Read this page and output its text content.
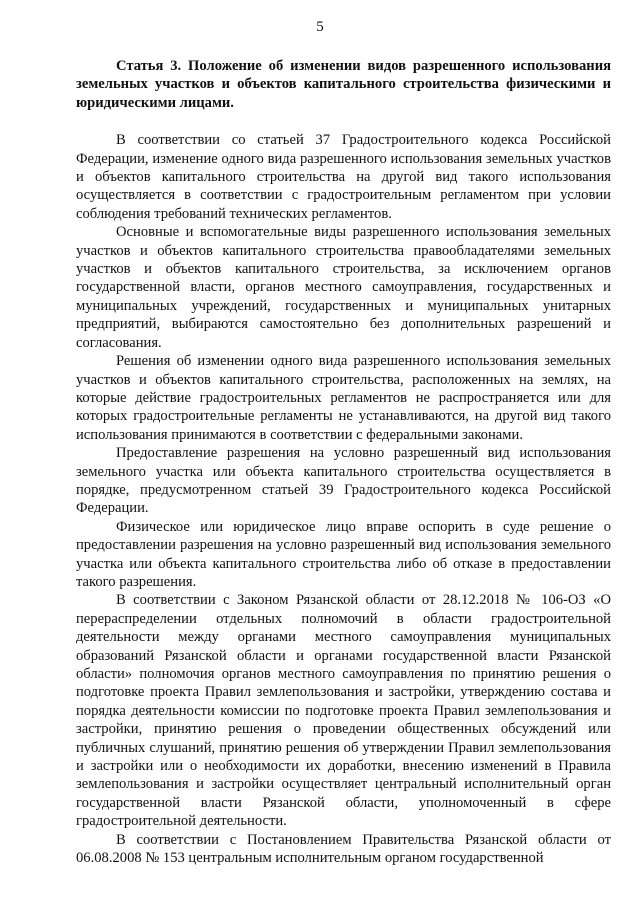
5

Статья 3. Положение об изменении видов разрешенного использования земельных участков и объектов капитального строительства физическими и юридическими лицами.

В соответствии со статьей 37 Градостроительного кодекса Российской Федерации, изменение одного вида разрешенного использования земельных участков и объектов капитального строительства на другой вид такого использования осуществляется в соответствии с градостроительным регламентом при условии соблюдения требований технических регламентов.

Основные и вспомогательные виды разрешенного использования земельных участков и объектов капитального строительства правообладателями земельных участков и объектов капитального строительства, за исключением органов государственной власти, органов местного самоуправления, государственных и муниципальных учреждений, государственных и муниципальных унитарных предприятий, выбираются самостоятельно без дополнительных разрешений и согласования.

Решения об изменении одного вида разрешенного использования земельных участков и объектов капитального строительства, расположенных на землях, на которые действие градостроительных регламентов не распространяется или для которых градостроительные регламенты не устанавливаются, на другой вид такого использования принимаются в соответствии с федеральными законами.

Предоставление разрешения на условно разрешенный вид использования земельного участка или объекта капитального строительства осуществляется в порядке, предусмотренном статьей 39 Градостроительного кодекса Российской Федерации.

Физическое или юридическое лицо вправе оспорить в суде решение о предоставлении разрешения на условно разрешенный вид использования земельного участка или объекта капитального строительства либо об отказе в предоставлении такого разрешения.

В соответствии с Законом Рязанской области от 28.12.2018 № 106-ОЗ «О перераспределении отдельных полномочий в области градостроительной деятельности между органами местного самоуправления муниципальных образований Рязанской области и органами государственной власти Рязанской области» полномочия органов местного самоуправления по принятию решения о подготовке проекта Правил землепользования и застройки, утверждению состава и порядка деятельности комиссии по подготовке проекта Правил землепользования и застройки, принятию решения о проведении общественных обсуждений или публичных слушаний, принятию решения об утверждении Правил землепользования и застройки или о необходимости их доработки, внесению изменений в Правила землепользования и застройки осуществляет центральный исполнительный орган государственной власти Рязанской области, уполномоченный в сфере градостроительной деятельности.

В соответствии с Постановлением Правительства Рязанской области от 06.08.2008 № 153 центральным исполнительным органом государственной
